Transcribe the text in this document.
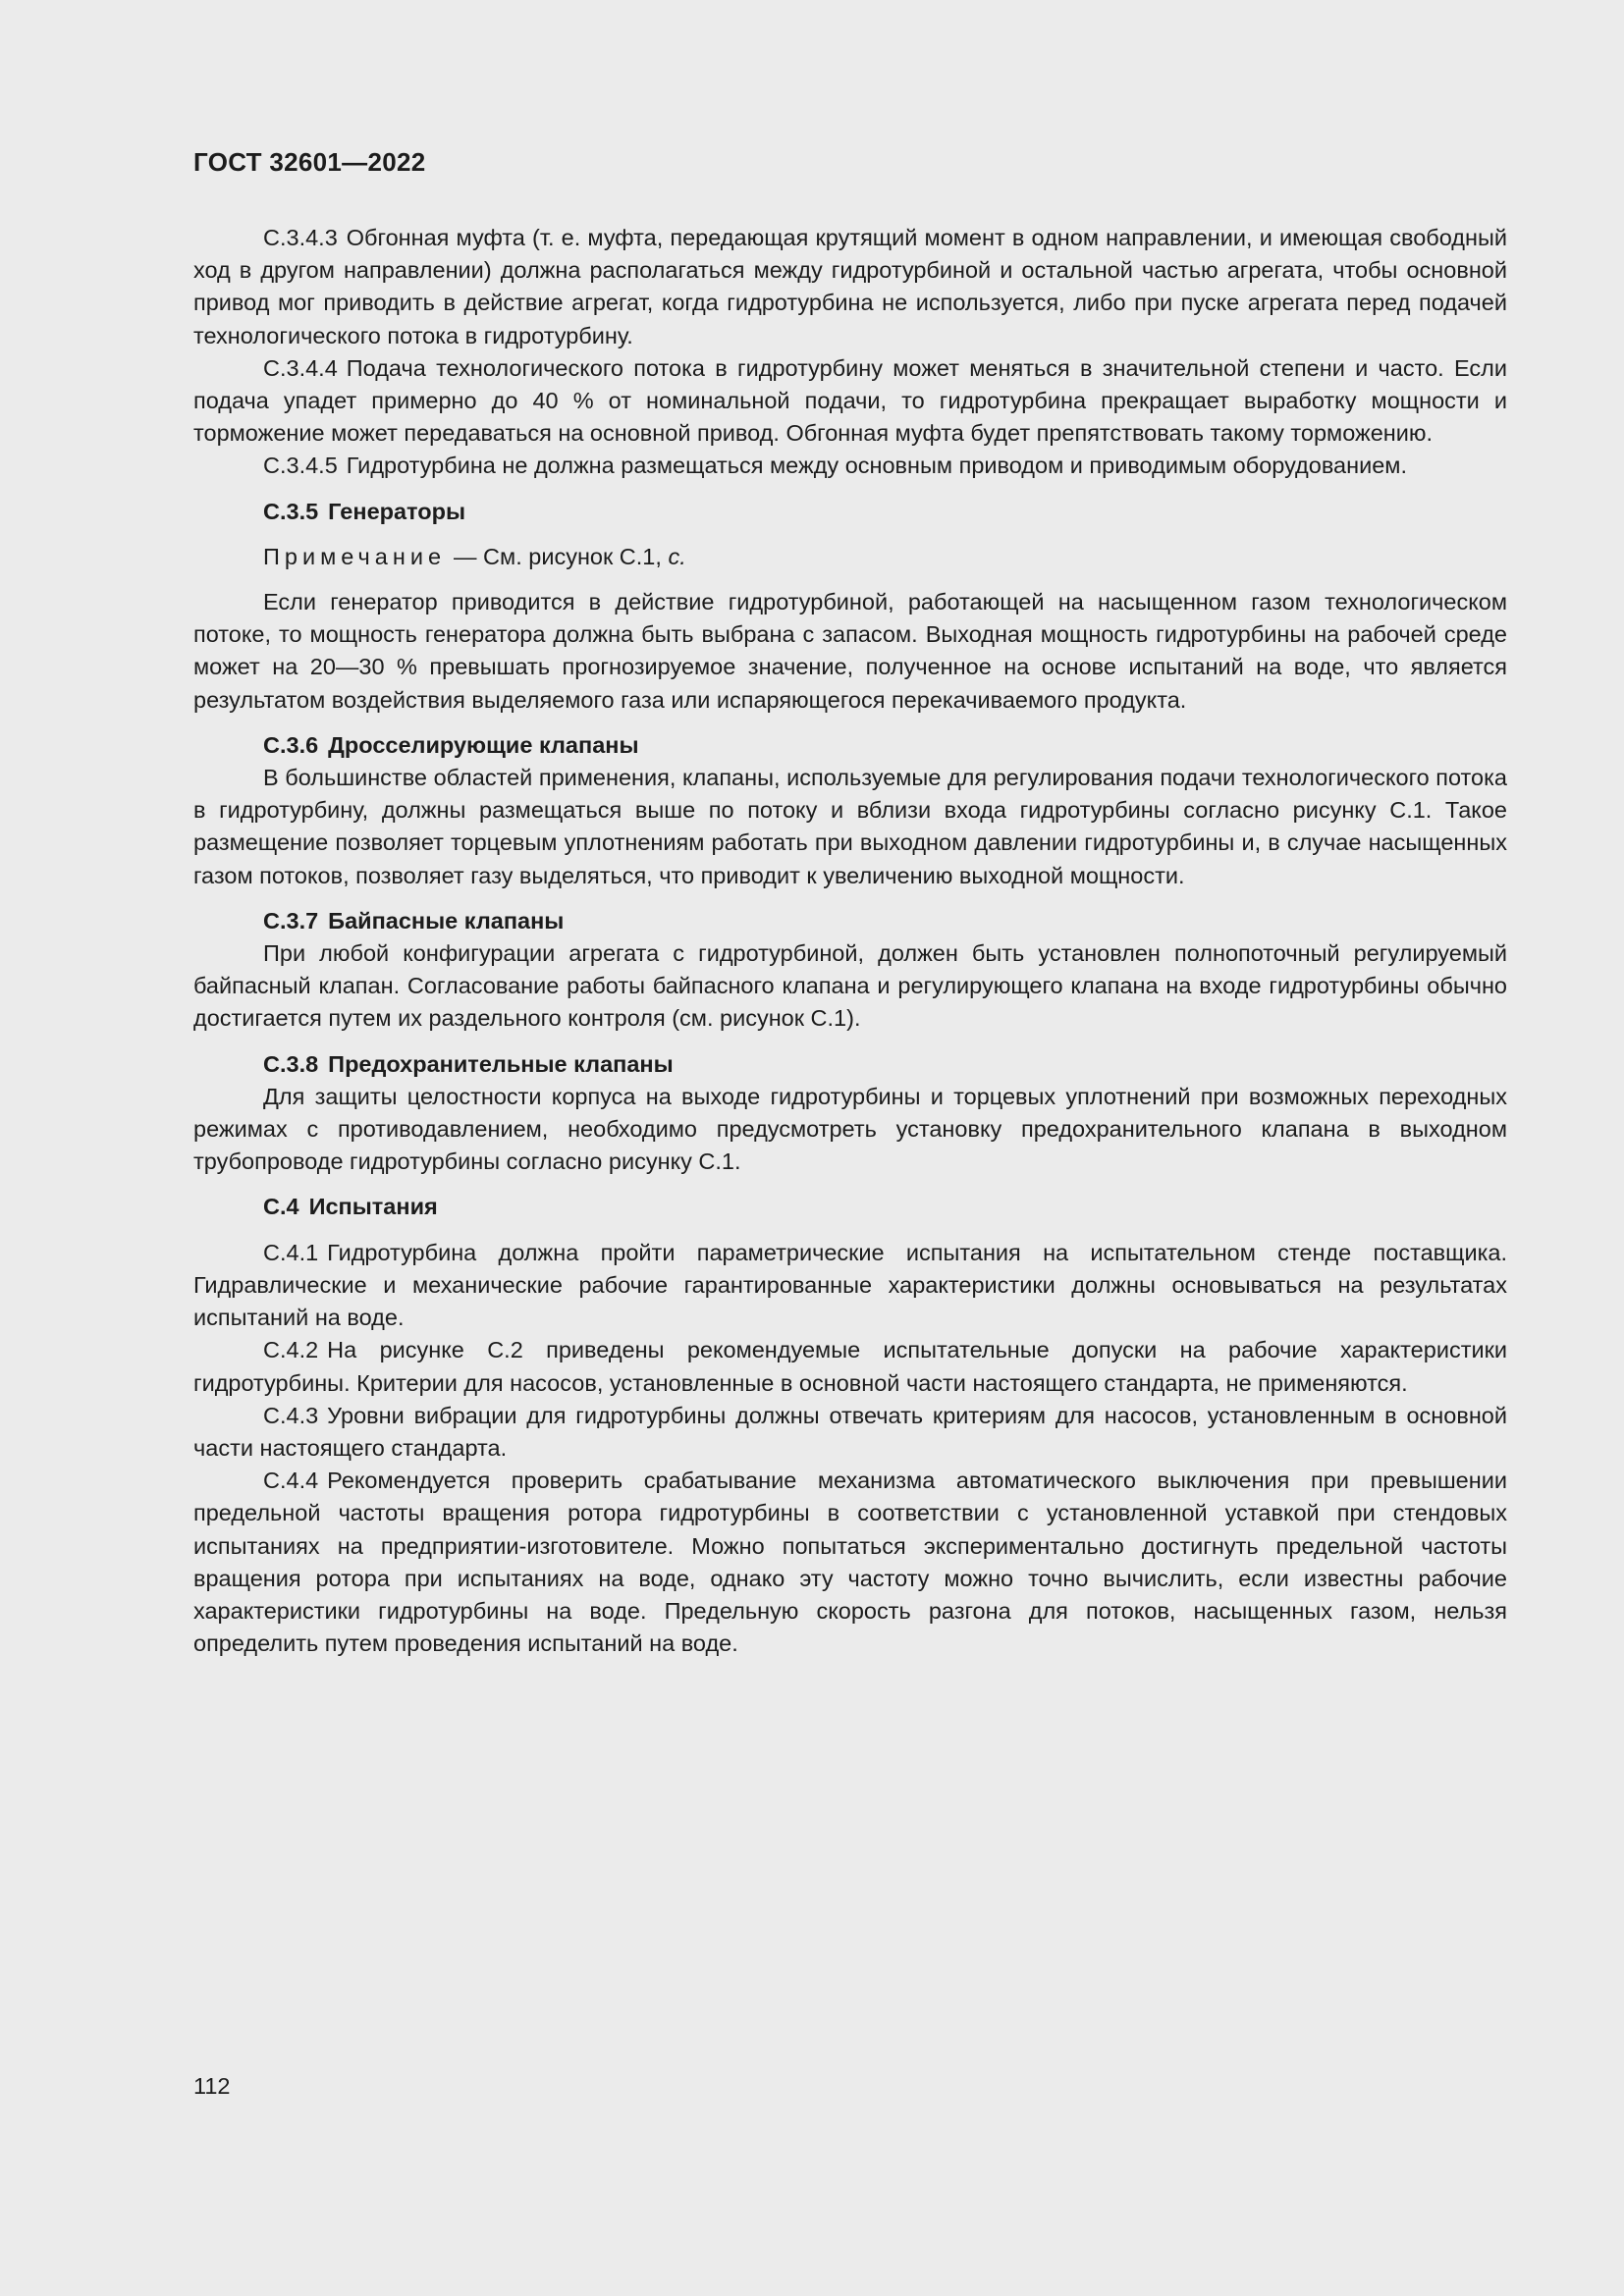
ГОСТ 32601—2022

С.3.4.3 Обгонная муфта (т. е. муфта, передающая крутящий момент в одном направлении, и имеющая свободный ход в другом направлении) должна располагаться между гидротурбиной и остальной частью агрегата, чтобы основной привод мог приводить в действие агрегат, когда гидротурбина не используется, либо при пуске агрегата перед подачей технологического потока в гидротурбину.

С.3.4.4 Подача технологического потока в гидротурбину может меняться в значительной степени и часто. Если подача упадет примерно до 40 % от номинальной подачи, то гидротурбина прекращает выработку мощности и торможение может передаваться на основной привод. Обгонная муфта будет препятствовать такому торможению.

С.3.4.5 Гидротурбина не должна размещаться между основным приводом и приводимым оборудованием.

С.3.5 Генераторы

Примечание — См. рисунок С.1, c.

Если генератор приводится в действие гидротурбиной, работающей на насыщенном газом технологическом потоке, то мощность генератора должна быть выбрана с запасом. Выходная мощность гидротурбины на рабочей среде может на 20—30 % превышать прогнозируемое значение, полученное на основе испытаний на воде, что является результатом воздействия выделяемого газа или испаряющегося перекачиваемого продукта.

С.3.6 Дросселирующие клапаны

В большинстве областей применения, клапаны, используемые для регулирования подачи технологического потока в гидротурбину, должны размещаться выше по потоку и вблизи входа гидротурбины согласно рисунку С.1. Такое размещение позволяет торцевым уплотнениям работать при выходном давлении гидротурбины и, в случае насыщенных газом потоков, позволяет газу выделяться, что приводит к увеличению выходной мощности.

С.3.7 Байпасные клапаны

При любой конфигурации агрегата с гидротурбиной, должен быть установлен полнопоточный регулируемый байпасный клапан. Согласование работы байпасного клапана и регулирующего клапана на входе гидротурбины обычно достигается путем их раздельного контроля (см. рисунок С.1).

С.3.8 Предохранительные клапаны

Для защиты целостности корпуса на выходе гидротурбины и торцевых уплотнений при возможных переходных режимах с противодавлением, необходимо предусмотреть установку предохранительного клапана в выходном трубопроводе гидротурбины согласно рисунку С.1.

С.4 Испытания

С.4.1 Гидротурбина должна пройти параметрические испытания на испытательном стенде поставщика. Гидравлические и механические рабочие гарантированные характеристики должны основываться на результатах испытаний на воде.

С.4.2 На рисунке С.2 приведены рекомендуемые испытательные допуски на рабочие характеристики гидротурбины. Критерии для насосов, установленные в основной части настоящего стандарта, не применяются.

С.4.3 Уровни вибрации для гидротурбины должны отвечать критериям для насосов, установленным в основной части настоящего стандарта.

С.4.4 Рекомендуется проверить срабатывание механизма автоматического выключения при превышении предельной частоты вращения ротора гидротурбины в соответствии с установленной уставкой при стендовых испытаниях на предприятии-изготовителе. Можно попытаться экспериментально достигнуть предельной частоты вращения ротора при испытаниях на воде, однако эту частоту можно точно вычислить, если известны рабочие характеристики гидротурбины на воде. Предельную скорость разгона для потоков, насыщенных газом, нельзя определить путем проведения испытаний на воде.

112
